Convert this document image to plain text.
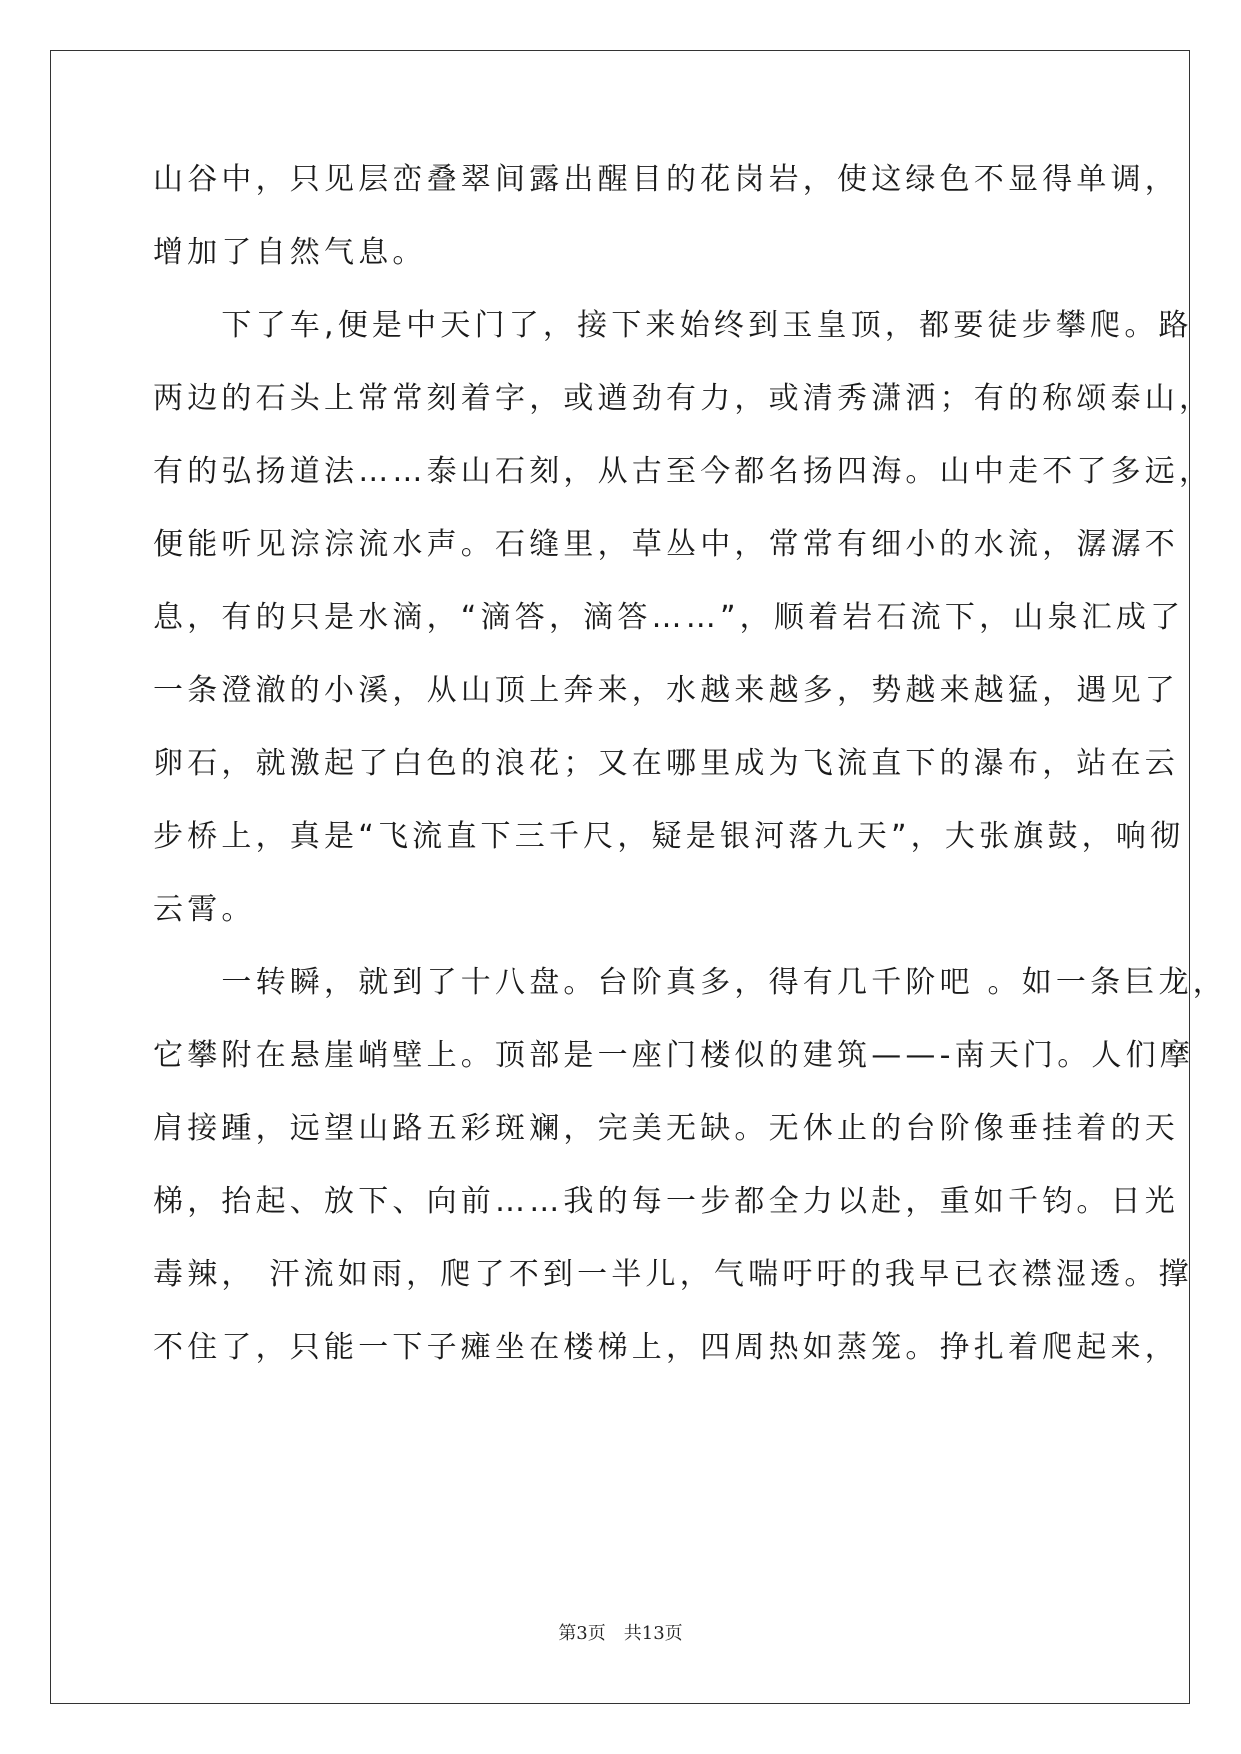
山谷中，只见层峦叠翠间露出醒目的花岗岩，使这绿色不显得单调，
增加了自然气息。
　　下了车,便是中天门了，接下来始终到玉皇顶，都要徒步攀爬。路
两边的石头上常常刻着字，或遒劲有力，或清秀潇洒；有的称颂泰山，
有的弘扬道法……泰山石刻，从古至今都名扬四海。山中走不了多远，
便能听见淙淙流水声。石缝里，草丛中，常常有细小的水流，潺潺不
息，有的只是水滴，“滴答，滴答……”，顺着岩石流下，山泉汇成了
一条澄澈的小溪，从山顶上奔来，水越来越多，势越来越猛，遇见了
卵石，就激起了白色的浪花；又在哪里成为飞流直下的瀑布，站在云
步桥上，真是“飞流直下三千尺，疑是银河落九天”，大张旗鼓，响彻
云霄。
　　一转瞬，就到了十八盘。台阶真多，得有几千阶吧 。如一条巨龙，
它攀附在悬崖峭壁上。顶部是一座门楼似的建筑——-南天门。人们摩
肩接踵，远望山路五彩斑斓，完美无缺。无休止的台阶像垂挂着的天
梯，抬起、放下、向前……我的每一步都全力以赴，重如千钧。日光
毒辣， 汗流如雨，爬了不到一半儿，气喘吁吁的我早已衣襟湿透。撑
不住了，只能一下子瘫坐在楼梯上，四周热如蒸笼。挣扎着爬起来，
第3页　共13页
